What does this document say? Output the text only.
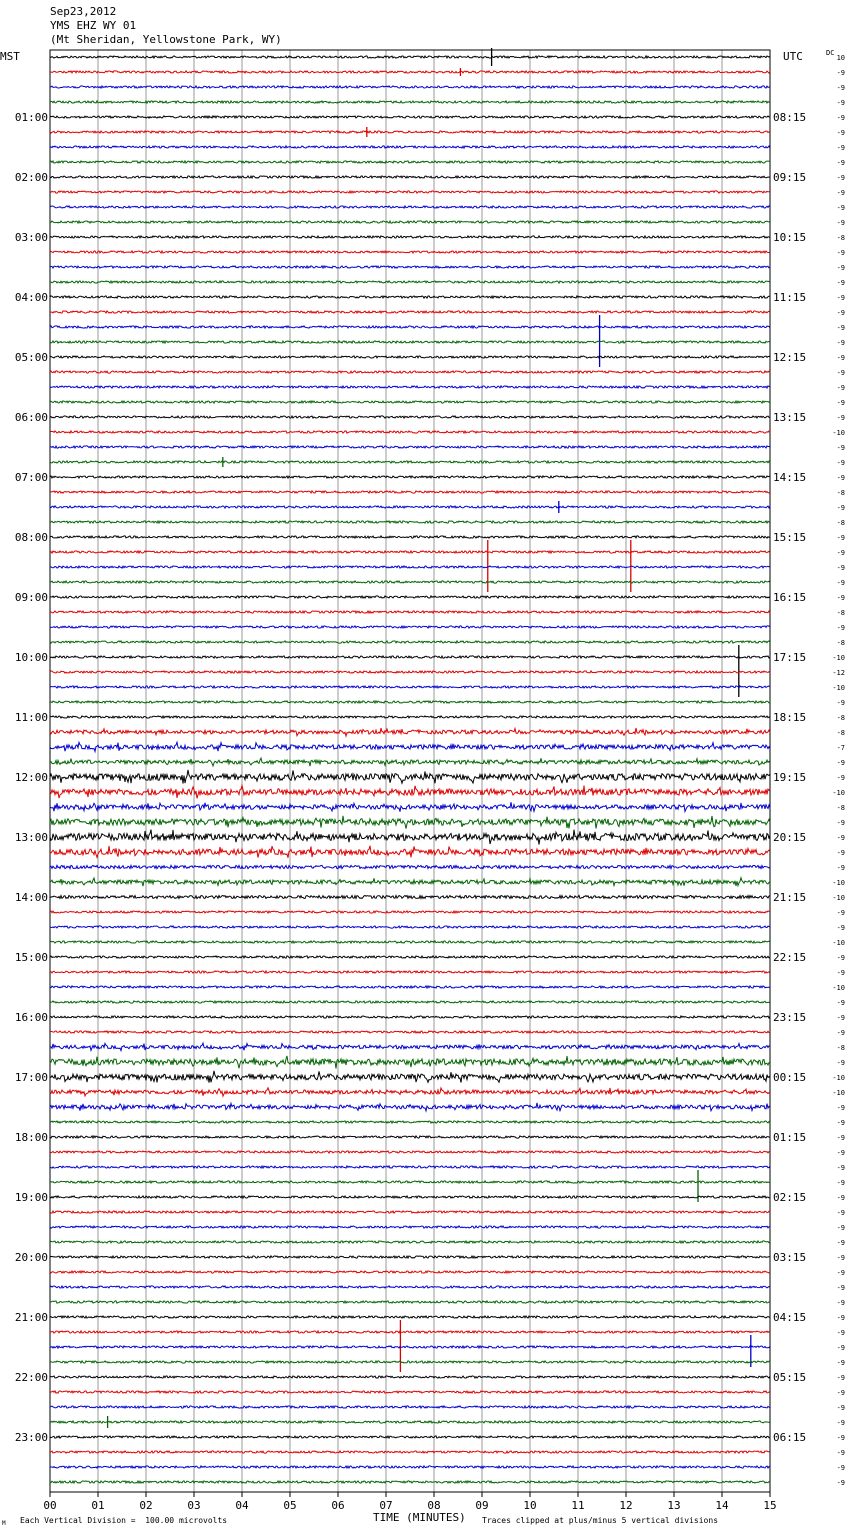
Sep23,2012
YMS EHZ WY 01
(Mt Sheridan, Yellowstone Park, WY)
MST	UTC	DC
01:00	08:15
02:00	09:15
03:00	10:15
04:00	11:15
05:00	12:15
06:00	13:15
07:00	14:15
08:00	15:15
09:00	16:15
10:00	17:15
11:00	18:15
12:00	19:15
13:00	20:15
14:00	21:15
15:00	22:15
16:00	23:15
17:00	00:15
18:00	01:15
19:00	02:15
20:00	03:15
21:00	04:15
22:00	05:15
23:00	06:15
10
-9
-9
-9
-9
-9
-9
-9
-9
-9
-9
-9
-8
-9
-9
-9
-9
-9
-9
-9
-9
-9
-9
-9
-9
-10
-9
-9
-9
-8
-9
-8
-9
-9
-9
-9
-9
-8
-9
-8
-10
-12
-10
-9
-8
-8
-7
-9
-9
-10
-8
-9
-9
-9
-9
-10
-10
-9
-9
-10
-9
-9
-10
-9
-9
-9
-8
-9
-10
-10
-9
-9
-9
-9
-9
-9
-9
-9
-9
-9
-9
-9
-9
-9
-9
-9
-9
-9
-9
-9
-9
-9
-9
-9
-9
-9
00	01	02	03	04	05	06	07	08	09	10	11	12	13	14	15
TIME (MINUTES)
Each Vertical Division =  100.00 microvolts	Traces clipped at plus/minus 5 vertical divisions
M
